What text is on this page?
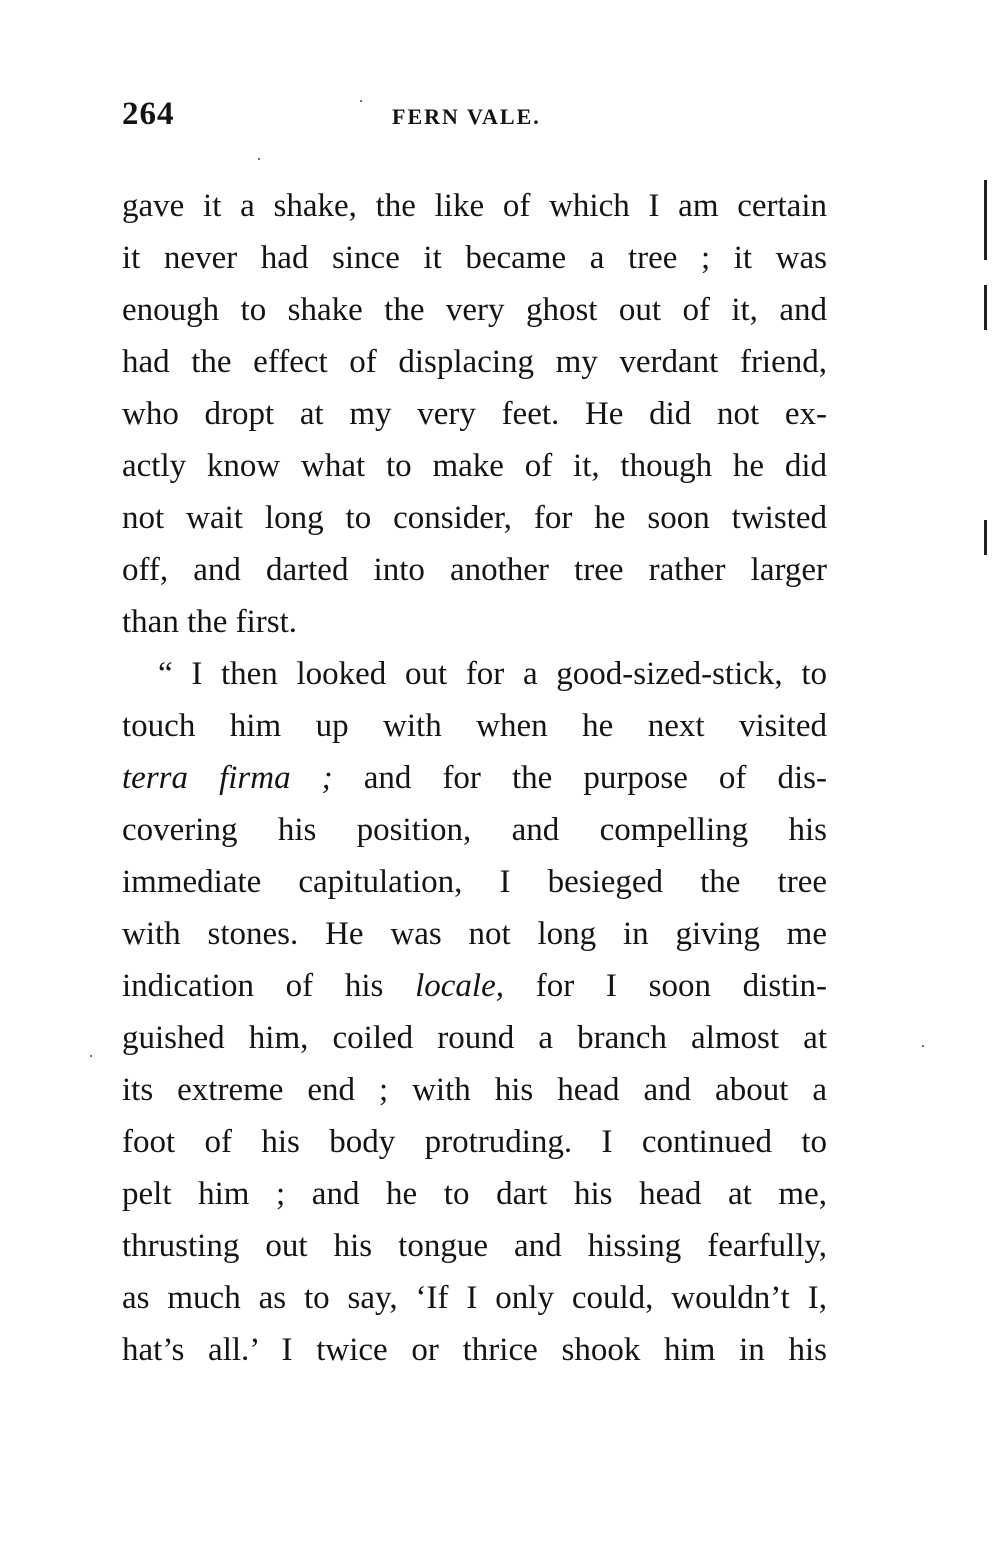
264	FERN VALE.
gave it a shake, the like of which I am certain
it never had since it became a tree ; it was
enough to shake the very ghost out of it, and
had the effect of displacing my verdant friend,
who dropt at my very feet. He did not ex-
actly know what to make of it, though he did
not wait long to consider, for he soon twisted
off, and darted into another tree rather larger
than the first.
“ I then looked out for a good-sized-stick, to
touch him up with when he next visited
terra firma ; and for the purpose of dis-
covering his position, and compelling his
immediate capitulation, I besieged the tree
with stones. He was not long in giving me
indication of his locale, for I soon distin-
guished him, coiled round a branch almost at
its extreme end ; with his head and about a
foot of his body protruding. I continued to
pelt him ; and he to dart his head at me,
thrusting out his tongue and hissing fearfully,
as much as to say, ‘If I only could, wouldn’t I,
hat’s all.’ I twice or thrice shook him in his
